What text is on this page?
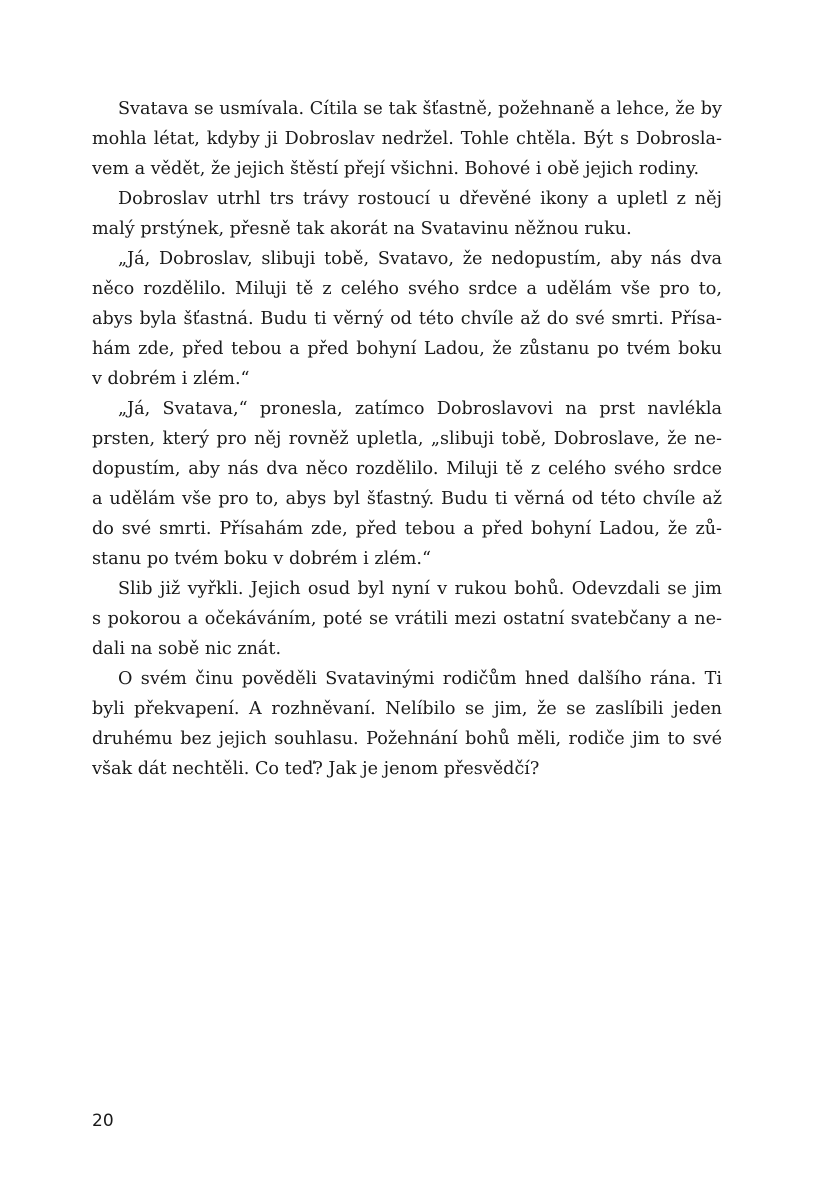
Svatava se usmívala. Cítila se tak šťastně, požehnaně a lehce, že by
mohla létat, kdyby ji Dobroslav nedržel. Tohle chtěla. Být s Dobrosla-
vem a vědět, že jejich štěstí přejí všichni. Bohové i obě jejich rodiny.
Dobroslav utrhl trs trávy rostoucí u dřevěné ikony a upletl z něj
malý prstýnek, přesně tak akorát na Svatavinu něžnou ruku.
„Já, Dobroslav, slibuji tobě, Svatavo, že nedopustím, aby nás dva
něco rozdělilo. Miluji tě z celého svého srdce a udělám vše pro to,
abys byla šťastná. Budu ti věrný od této chvíle až do své smrti. Přísa-
hám zde, před tebou a před bohyní Ladou, že zůstanu po tvém boku
v dobrém i zlém.“
„Já, Svatava,“ pronesla, zatímco Dobroslavovi na prst navlékla
prsten, který pro něj rovněž upletla, „slibuji tobě, Dobroslave, že ne-
dopustím, aby nás dva něco rozdělilo. Miluji tě z celého svého srdce
a udělám vše pro to, abys byl šťastný. Budu ti věrná od této chvíle až
do své smrti. Přísahám zde, před tebou a před bohyní Ladou, že zů-
stanu po tvém boku v dobrém i zlém.“
Slib již vyřkli. Jejich osud byl nyní v rukou bohů. Odevzdali se jim
s pokorou a očekáváním, poté se vrátili mezi ostatní svatebčany a ne-
dali na sobě nic znát.
O svém činu pověděli Svatavinými rodičům hned dalšího rána. Ti
byli překvapení. A rozhněvaní. Nelíbilo se jim, že se zaslíbili jeden
druhému bez jejich souhlasu. Požehnání bohů měli, rodiče jim to své
však dát nechtěli. Co teď? Jak je jenom přesvědčí?
20
